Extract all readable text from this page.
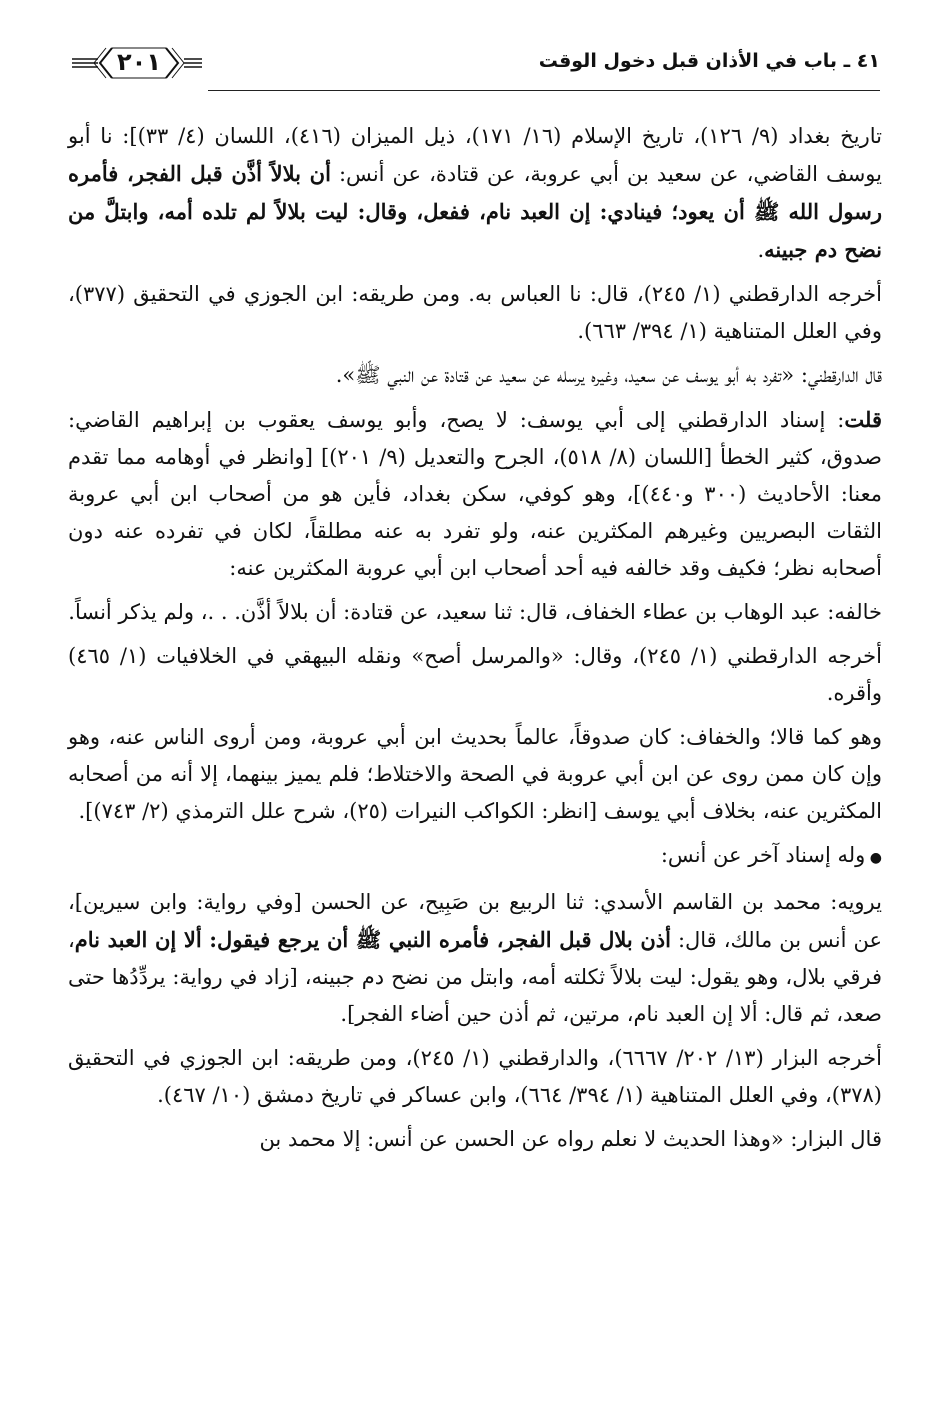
٤١ ـ باب في الأذان قبل دخول الوقت
٢٠١

تاريخ بغداد (٩/ ١٢٦)، تاريخ الإسلام (١٦/ ١٧١)، ذيل الميزان (٤١٦)، اللسان (٤/ ٣٣)]: نا أبو يوسف القاضي، عن سعيد بن أبي عروبة، عن قتادة، عن أنس: أن بلالاً أذَّن قبل الفجر، فأمره رسول الله ﷺ أن يعود؛ فينادي: إن العبد نام، ففعل، وقال: ليت بلالاً لم تلده أمه، وابتلَّ من نضح دم جبينه.

أخرجه الدارقطني (١/ ٢٤٥)، قال: نا العباس به. ومن طريقه: ابن الجوزي في التحقيق (٣٧٧)، وفي العلل المتناهية (١/ ٣٩٤/ ٦٦٣).

قال الدارقطني: «تفرد به أبو يوسف عن سعيد، وغيره يرسله عن سعيد عن قتادة عن النبي ﷺ».

قلت: إسناد الدارقطني إلى أبي يوسف: لا يصح، وأبو يوسف يعقوب بن إبراهيم القاضي: صدوق، كثير الخطأ [اللسان (٨/ ٥١٨)، الجرح والتعديل (٩/ ٢٠١)] [وانظر في أوهامه مما تقدم معنا: الأحاديث (٣٠٠ و٤٤٠)]، وهو كوفي، سكن بغداد، فأين هو من أصحاب ابن أبي عروبة الثقات البصريين وغيرهم المكثرين عنه، ولو تفرد به عنه مطلقاً، لكان في تفرده عنه دون أصحابه نظر؛ فكيف وقد خالفه فيه أحد أصحاب ابن أبي عروبة المكثرين عنه:

خالفه: عبد الوهاب بن عطاء الخفاف، قال: ثنا سعيد، عن قتادة: أن بلالاً أذَّن. . .، ولم يذكر أنساً.

أخرجه الدارقطني (١/ ٢٤٥)، وقال: «والمرسل أصح» ونقله البيهقي في الخلافيات (١/ ٤٦٥) وأقره.

وهو كما قالا؛ والخفاف: كان صدوقاً، عالماً بحديث ابن أبي عروبة، ومن أروى الناس عنه، وهو وإن كان ممن روى عن ابن أبي عروبة في الصحة والاختلاط؛ فلم يميز بينهما، إلا أنه من أصحابه المكثرين عنه، بخلاف أبي يوسف [انظر: الكواكب النيرات (٢٥)، شرح علل الترمذي (٢/ ٧٤٣)].

● وله إسناد آخر عن أنس:

يرويه: محمد بن القاسم الأسدي: ثنا الربيع بن صَبِيح، عن الحسن [وفي رواية: وابن سيرين]، عن أنس بن مالك، قال: أذن بلال قبل الفجر، فأمره النبي ﷺ أن يرجع فيقول: ألا إن العبد نام، فرقي بلال، وهو يقول: ليت بلالاً ثكلته أمه، وابتل من نضح دم جبينه، [زاد في رواية: يردِّدُها حتى صعد، ثم قال: ألا إن العبد نام، مرتين، ثم أذن حين أضاء الفجر].

أخرجه البزار (١٣/ ٢٠٢/ ٦٦٦٧)، والدارقطني (١/ ٢٤٥)، ومن طريقه: ابن الجوزي في التحقيق (٣٧٨)، وفي العلل المتناهية (١/ ٣٩٤/ ٦٦٤)، وابن عساكر في تاريخ دمشق (١٠/ ٤٦٧).

قال البزار: «وهذا الحديث لا نعلم رواه عن الحسن عن أنس: إلا محمد بن
